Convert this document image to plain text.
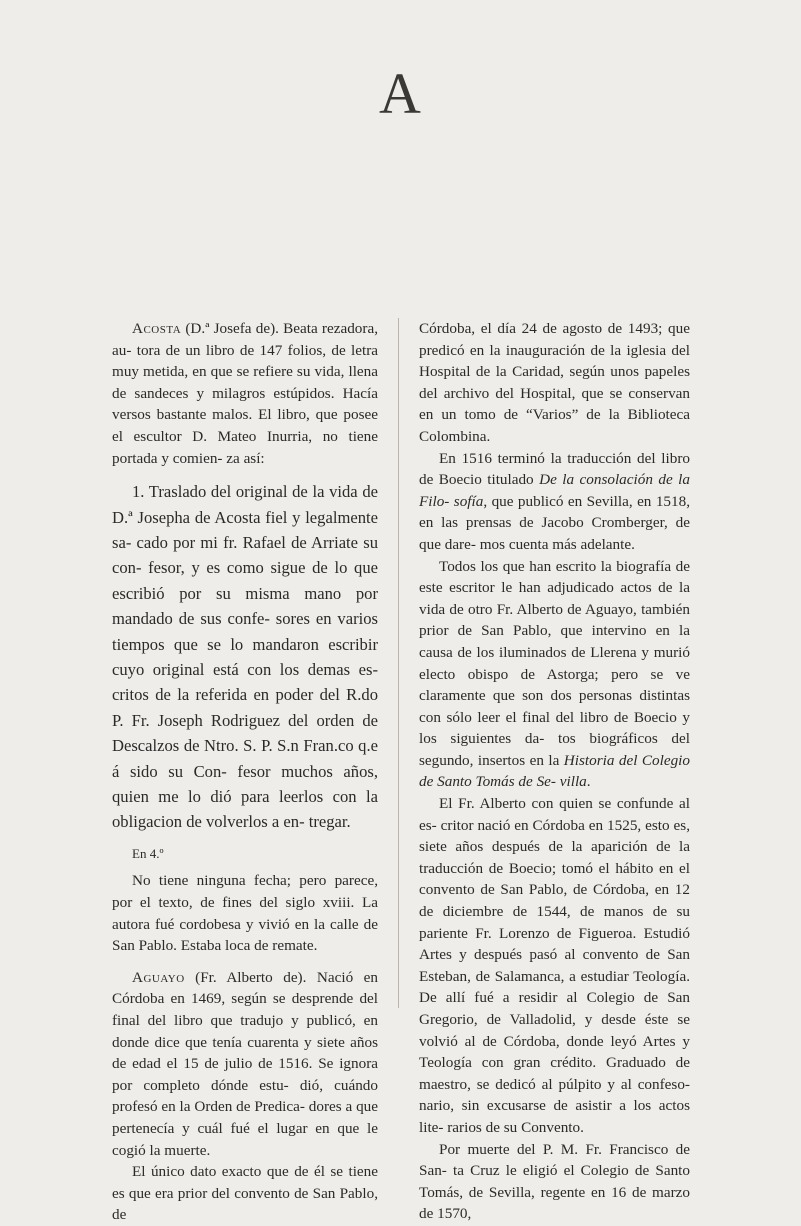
A

Acosta (D.ª Josefa de). Beata rezadora, au- tora de un libro de 147 folios, de letra muy metida, en que se refiere su vida, llena de sandeces y milagros estúpidos. Hacía versos bastante malos. El libro, que posee el escultor D. Mateo Inurria, no tiene portada y comien- za así:

1. Traslado del original de la vida de D.ª Josepha de Acosta fiel y legalmente sa- cado por mi fr. Rafael de Arriate su con- fesor, y es como sigue de lo que escribió por su misma mano por mandado de sus confe- sores en varios tiempos que se lo mandaron escribir cuyo original está con los demas es- critos de la referida en poder del R.do P. Fr. Joseph Rodriguez del orden de Descalzos de Ntro. S. P. S.n Fran.co q.e á sido su Con- fesor muchos años, quien me lo dió para leerlos con la obligacion de volverlos a en- tregar.

En 4.º

No tiene ninguna fecha; pero parece, por el texto, de fines del siglo xviii. La autora fué cordobesa y vivió en la calle de San Pablo. Estaba loca de remate.

Aguayo (Fr. Alberto de). Nació en Córdoba en 1469, según se desprende del final del libro que tradujo y publicó, en donde dice que tenía cuarenta y siete años de edad el 15 de julio de 1516. Se ignora por completo dónde estu- dió, cuándo profesó en la Orden de Predica- dores a que pertenecía y cuál fué el lugar en que le cogió la muerte.

El único dato exacto que de él se tiene es que era prior del convento de San Pablo, de

Córdoba, el día 24 de agosto de 1493; que predicó en la inauguración de la iglesia del Hospital de la Caridad, según unos papeles del archivo del Hospital, que se conservan en un tomo de “Varios” de la Biblioteca Colombina.

En 1516 terminó la traducción del libro de Boecio titulado De la consolación de la Filo- sofía, que publicó en Sevilla, en 1518, en las prensas de Jacobo Cromberger, de que dare- mos cuenta más adelante.

Todos los que han escrito la biografía de este escritor le han adjudicado actos de la vida de otro Fr. Alberto de Aguayo, también prior de San Pablo, que intervino en la causa de los iluminados de Llerena y murió electo obispo de Astorga; pero se ve claramente que son dos personas distintas con sólo leer el final del libro de Boecio y los siguientes da- tos biográficos del segundo, insertos en la Historia del Colegio de Santo Tomás de Se- villa.

El Fr. Alberto con quien se confunde al es- critor nació en Córdoba en 1525, esto es, siete años después de la aparición de la traducción de Boecio; tomó el hábito en el convento de San Pablo, de Córdoba, en 12 de diciembre de 1544, de manos de su pariente Fr. Lorenzo de Figueroa. Estudió Artes y después pasó al convento de San Esteban, de Salamanca, a estudiar Teología. De allí fué a residir al Colegio de San Gregorio, de Valladolid, y desde éste se volvió al de Córdoba, donde leyó Artes y Teología con gran crédito. Graduado de maestro, se dedicó al púlpito y al confeso- nario, sin excusarse de asistir a los actos lite- rarios de su Convento.

Por muerte del P. M. Fr. Francisco de San- ta Cruz le eligió el Colegio de Santo Tomás, de Sevilla, regente en 16 de marzo de 1570,
